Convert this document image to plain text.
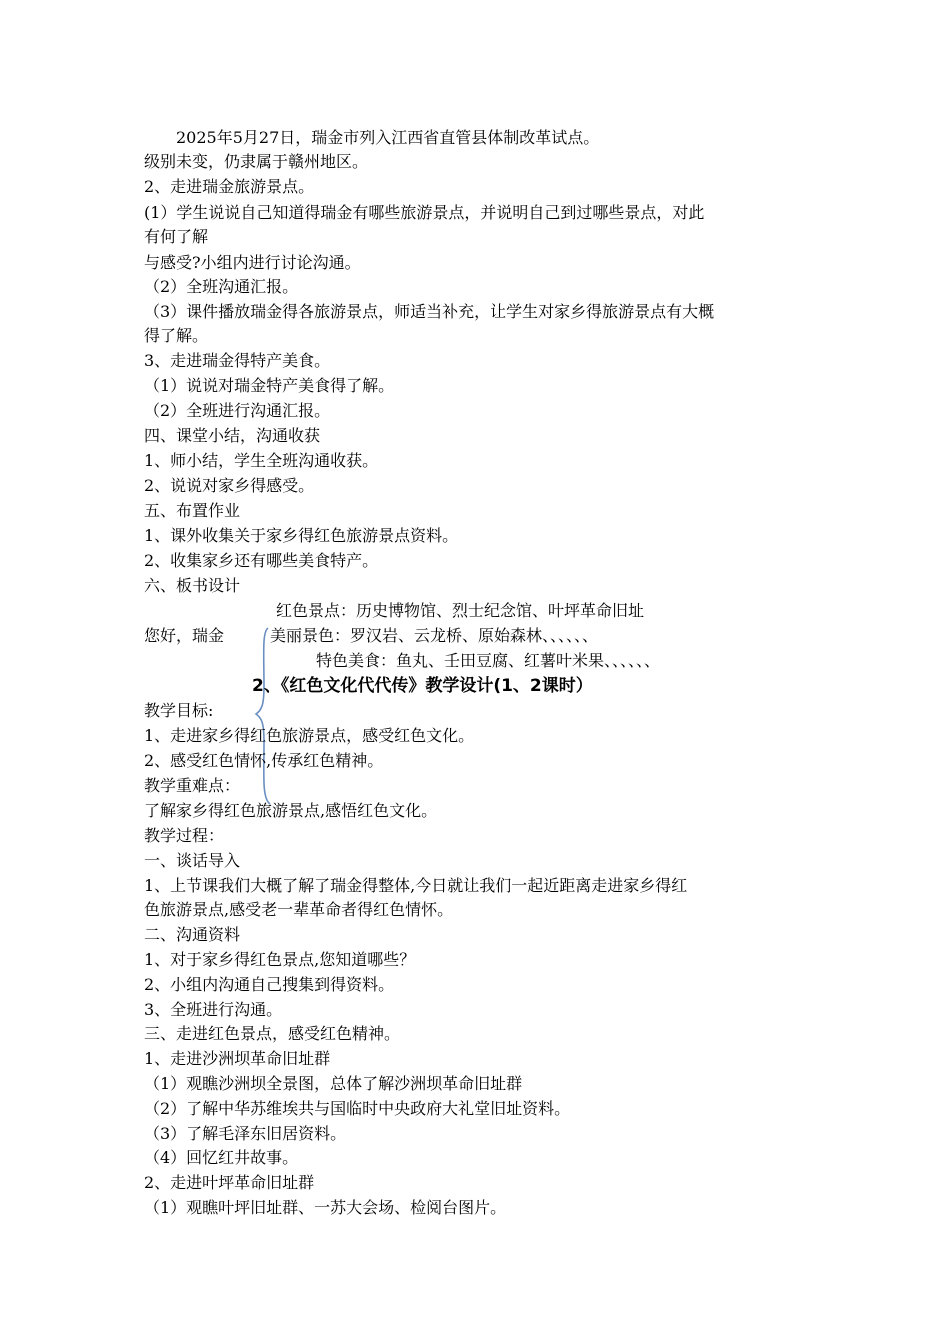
2025年5月27日，瑞金市列入江西省直管县体制改革试点。
级别未变，仍隶属于赣州地区。
2、走进瑞金旅游景点。
(1）学生说说自己知道得瑞金有哪些旅游景点，并说明自己到过哪些景点，对此
有何了解
与感受?小组内进行讨论沟通。
（2）全班沟通汇报。
（3）课件播放瑞金得各旅游景点，师适当补充，让学生对家乡得旅游景点有大概
得了解。
3、走进瑞金得特产美食。
（1）说说对瑞金特产美食得了解。
（2）全班进行沟通汇报。
四、课堂小结，沟通收获
1、师小结，学生全班沟通收获。
2、说说对家乡得感受。
五、布置作业
1、课外收集关于家乡得红色旅游景点资料。
2、收集家乡还有哪些美食特产。
六、板书设计
红色景点：历史博物馆、烈士纪念馆、叶坪革命旧址
您好，瑞金	美丽景色：罗汉岩、云龙桥、原始森林、、、、、、
特色美食：鱼丸、壬田豆腐、红薯叶米果、、、、、、
2、《红色文化代代传》教学设计(1、2课时）
教学目标:
1、走进家乡得红色旅游景点，感受红色文化。
2、感受红色情怀,传承红色精神。
教学重难点：
了解家乡得红色旅游景点,感悟红色文化。
教学过程：
一、谈话导入
1、上节课我们大概了解了瑞金得整体,今日就让我们一起近距离走进家乡得红
色旅游景点,感受老一辈革命者得红色情怀。
二、沟通资料
1、对于家乡得红色景点,您知道哪些？
2、小组内沟通自己搜集到得资料。
3、全班进行沟通。
三、走进红色景点，感受红色精神。
1、走进沙洲坝革命旧址群
（1）观瞧沙洲坝全景图，总体了解沙洲坝革命旧址群
（2）了解中华苏维埃共与国临时中央政府大礼堂旧址资料。
（3）了解毛泽东旧居资料。
（4）回忆红井故事。
2、走进叶坪革命旧址群
（1）观瞧叶坪旧址群、一苏大会场、检阅台图片。
